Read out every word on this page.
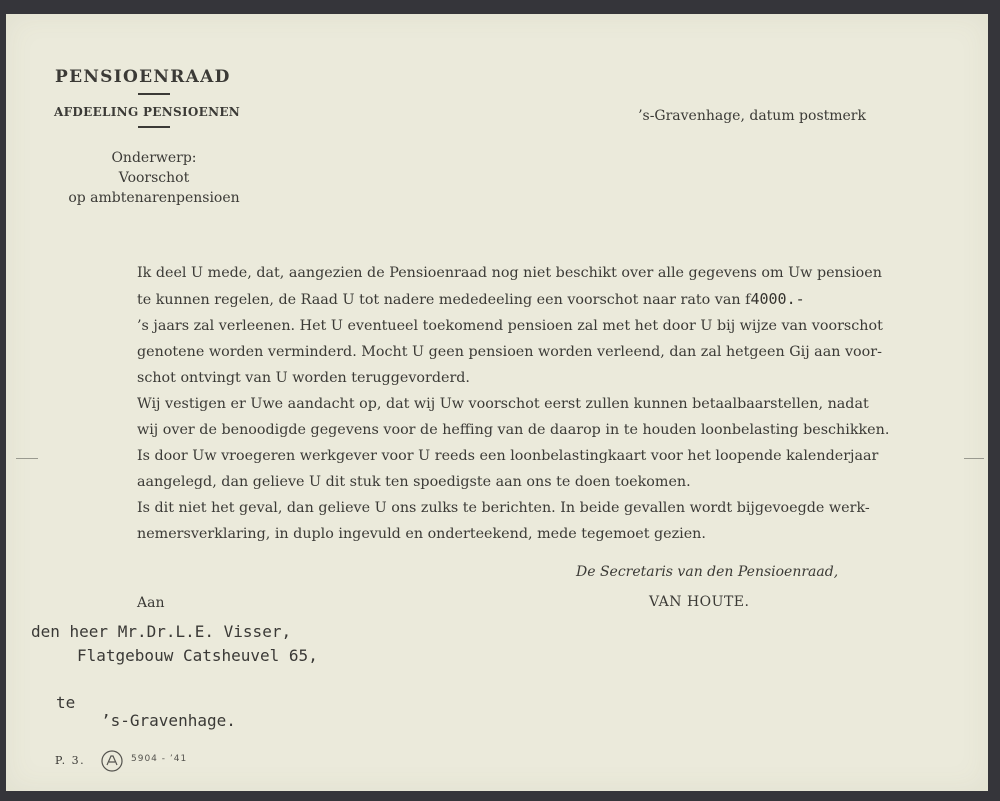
PENSIOENRAAD
AFDEELING PENSIOENEN
Onderwerp:
Voorschot
op ambtenarenpensioen
’s-Gravenhage, datum postmerk
Ik deel U mede, dat, aangezien de Pensioenraad nog niet beschikt over alle gegevens om Uw pensioen
te kunnen regelen, de Raad U tot nadere mededeeling een voorschot naar rato van f4000.-
’s jaars zal verleenen. Het U eventueel toekomend pensioen zal met het door U bij wijze van voorschot
genotene worden verminderd. Mocht U geen pensioen worden verleend, dan zal hetgeen Gij aan voor-
schot ontvingt van U worden teruggevorderd.
Wij vestigen er Uwe aandacht op, dat wij Uw voorschot eerst zullen kunnen betaalbaarstellen, nadat
wij over de benoodigde gegevens voor de heffing van de daarop in te houden loonbelasting beschikken.
Is door Uw vroegeren werkgever voor U reeds een loonbelastingkaart voor het loopende kalenderjaar
aangelegd, dan gelieve U dit stuk ten spoedigste aan ons te doen toekomen.
Is dit niet het geval, dan gelieve U ons zulks te berichten. In beide gevallen wordt bijgevoegde werk-
nemersverklaring, in duplo ingevuld en onderteekend, mede tegemoet gezien.
De Secretaris van den Pensioenraad,
VAN HOUTE.
Aan
den heer Mr.Dr.L.E. Visser,
Flatgebouw Catsheuvel 65,
te
’s-Gravenhage.
P. 3.	5904 - ’41
